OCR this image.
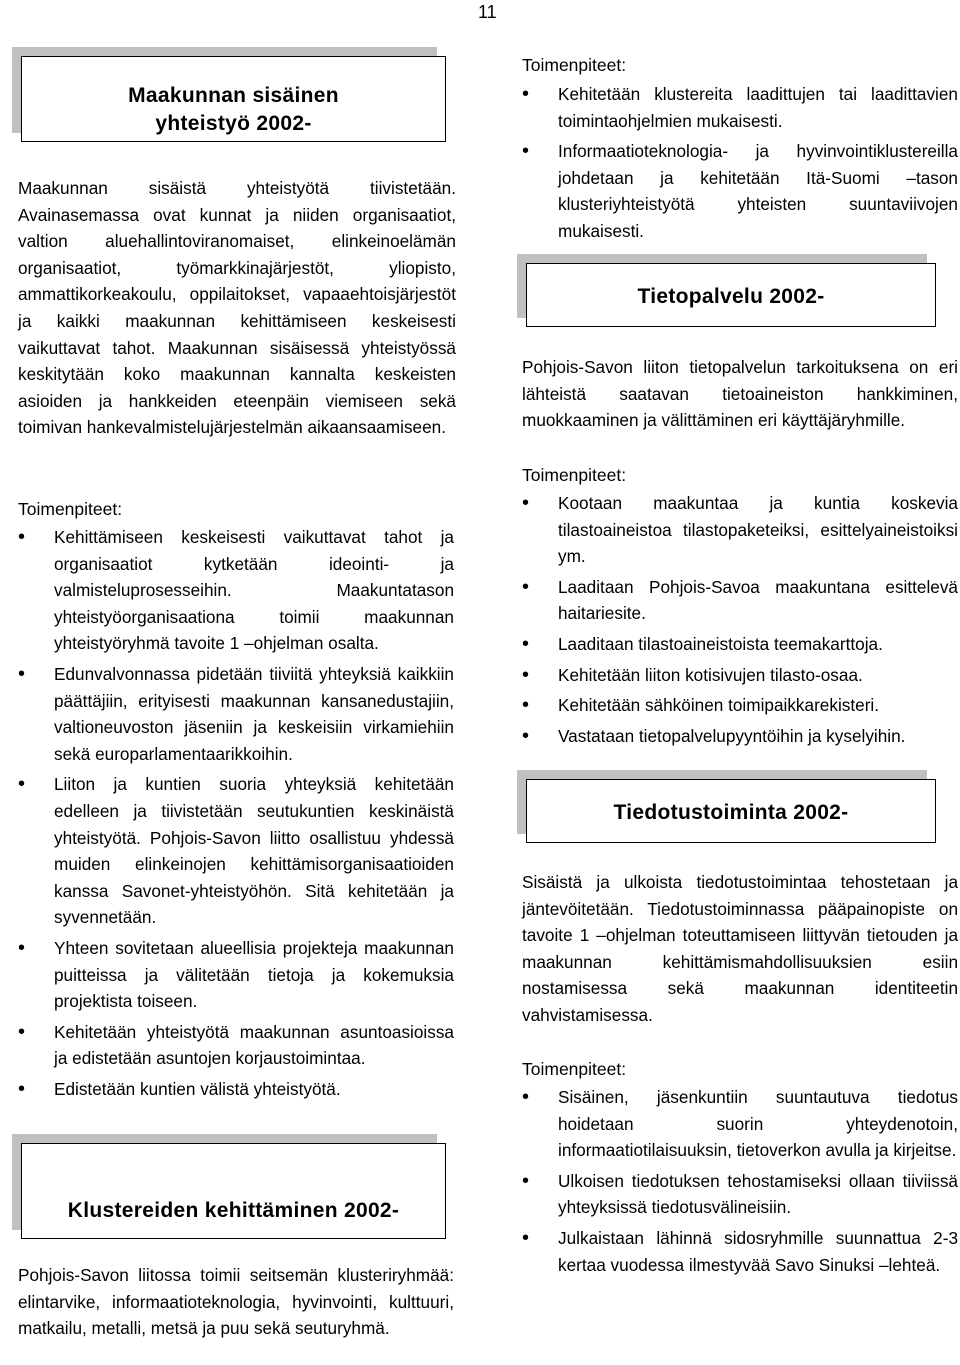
11
Maakunnan sisäinen
yhteistyö 2002-

Maakunnan sisäistä yhteistyötä tiivistetään. Avainasemassa ovat kunnat ja niiden organisaatiot, valtion aluehallintoviranomaiset, elinkeinoelämän organisaatiot, työmarkkinajärjestöt, yliopisto, ammattikorkeakoulu, oppilaitokset, vapaaehtoisjärjestöt ja kaikki maakunnan kehittämiseen keskeisesti vaikuttavat tahot. Maakunnan sisäisessä yhteistyössä keskitytään koko maakunnan kannalta keskeisten asioiden ja hankkeiden eteenpäin viemiseen sekä toimivan hankevalmistelujärjestelmän aikaansaamiseen.

Toimenpiteet:

• Kehittämiseen keskeisesti vaikuttavat tahot ja organisaatiot kytketään ideointi- ja valmisteluprosesseihin. Maakuntatason yhteistyöorganisaationa toimii maakunnan yhteistyöryhmä tavoite 1 –ohjelman osalta.
• Edunvalvonnassa pidetään tiiviitä yhteyksiä kaikkiin päättäjiin, erityisesti maakunnan kansanedustajiin, valtioneuvoston jäseniin ja keskeisiin virkamiehiin sekä europarlamentaarikkoihin.
• Liiton ja kuntien suoria yhteyksiä kehitetään edelleen ja tiivistetään seutukuntien keskinäistä yhteistyötä. Pohjois-Savon liitto osallistuu yhdessä muiden elinkeinojen kehittämisorganisaatioiden kanssa Savonet-yhteistyöhön. Sitä kehitetään ja syvennetään.
• Yhteen sovitetaan alueellisia projekteja maakunnan puitteissa ja välitetään tietoja ja kokemuksia projektista toiseen.
• Kehitetään yhteistyötä maakunnan asuntoasioissa ja edistetään asuntojen korjaustoimintaa.
• Edistetään kuntien välistä yhteistyötä.
Klustereiden kehittäminen 2002-

Pohjois-Savon liitossa toimii seitsemän klusteriryhmää: elintarvike, informaatioteknologia, hyvinvointi, kulttuuri, matkailu, metalli, metsä ja puu sekä seuturyhmä.

Toimenpiteet:

• Kehitetään klustereita laadittujen tai laadittavien toimintaohjelmien mukaisesti.
• Informaatioteknologia- ja hyvinvointiklustereilla johdetaan ja kehitetään Itä-Suomi –tason klusteriyhteistyötä yhteisten suuntaviivojen mukaisesti.
Tietopalvelu 2002-

Pohjois-Savon liiton tietopalvelun tarkoituksena on eri lähteistä saatavan tietoaineiston hankkiminen, muokkaaminen ja välittäminen eri käyttäjäryhmille.

Toimenpiteet:

• Kootaan maakuntaa ja kuntia koskevia tilastoaineistoa tilastopaketeiksi, esittelyaineistoiksi ym.
• Laaditaan Pohjois-Savoa maakuntana esittelevä haitariesite.
• Laaditaan tilastoaineistoista teemakarttoja.
• Kehitetään liiton kotisivujen tilasto-osaa.
• Kehitetään sähköinen toimipaikkarekisteri.
• Vastataan tietopalvelupyyntöihin ja kyselyihin.
Tiedotustoiminta 2002-

Sisäistä ja ulkoista tiedotustoimintaa tehostetaan ja jäntevöitetään. Tiedotustoiminnassa pääpainopiste on tavoite 1 –ohjelman toteuttamiseen liittyvän tietouden ja maakunnan kehittämismahdollisuuksien esiin nostamisessa sekä maakunnan identiteetin vahvistamisessa.

Toimenpiteet:

• Sisäinen, jäsenkuntiin suuntautuva tiedotus hoidetaan suorin yhteydenotoin, informaatiotilaisuuksin, tietoverkon avulla ja kirjeitse.
• Ulkoisen tiedotuksen tehostamiseksi ollaan tiiviissä yhteyksissä tiedotusvälineisiin.
• Julkaistaan lähinnä sidosryhmille suunnattua 2-3 kertaa vuodessa ilmestyvää Savo Sinuksi –lehteä.
